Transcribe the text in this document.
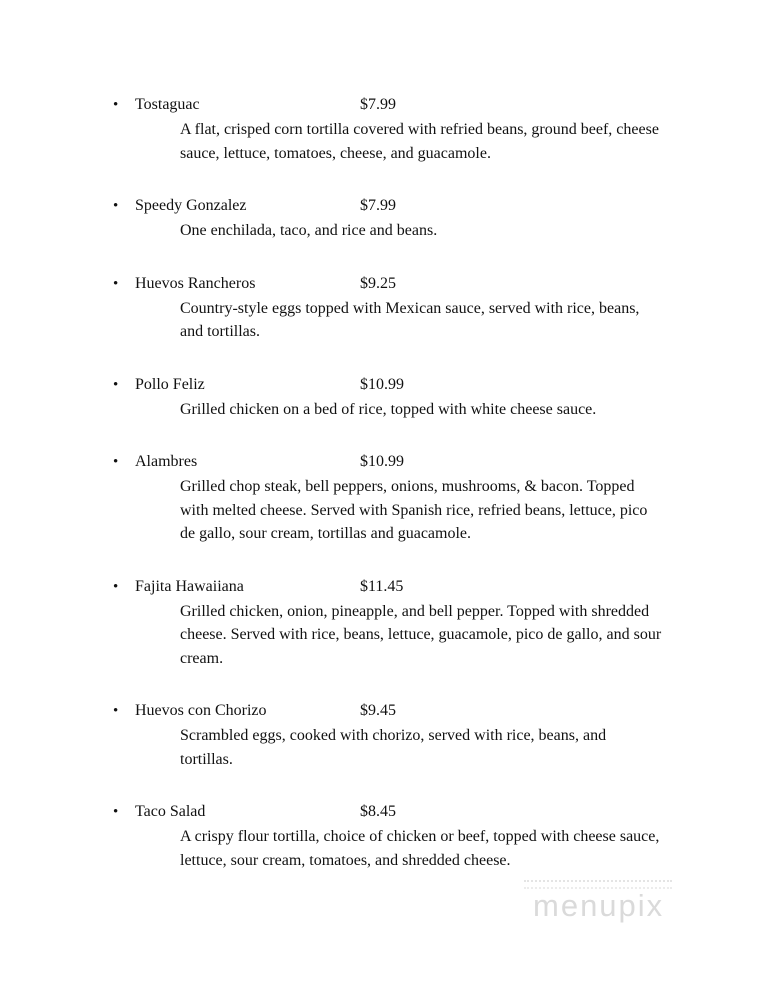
•	Tostaguac	$7.99
A flat, crisped corn tortilla covered with refried beans, ground beef, cheese sauce, lettuce, tomatoes, cheese, and guacamole.
•	Speedy Gonzalez	$7.99
One enchilada, taco, and rice and beans.
•	Huevos Rancheros	$9.25
Country-style eggs topped with Mexican sauce, served with rice, beans, and tortillas.
•	Pollo Feliz	$10.99
Grilled chicken on a bed of rice, topped with white cheese sauce.
•	Alambres	$10.99
Grilled chop steak, bell peppers, onions, mushrooms, & bacon. Topped with melted cheese. Served with Spanish rice, refried beans, lettuce, pico de gallo, sour cream, tortillas and guacamole.
•	Fajita Hawaiiana	$11.45
Grilled chicken, onion, pineapple, and bell pepper. Topped with shredded cheese. Served with rice, beans, lettuce, guacamole, pico de gallo, and sour cream.
•	Huevos con Chorizo	$9.45
Scrambled eggs, cooked with chorizo, served with rice, beans, and tortillas.
•	Taco Salad	$8.45
A crispy flour tortilla, choice of chicken or beef, topped with cheese sauce, lettuce, sour cream, tomatoes, and shredded cheese.
menupix
